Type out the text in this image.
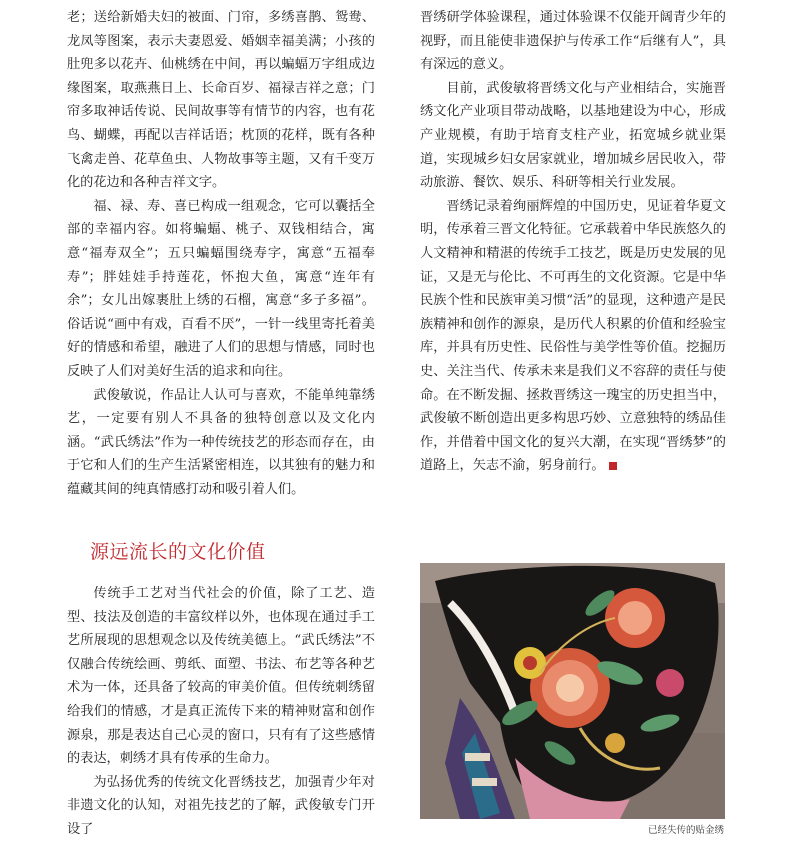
老；送给新婚夫妇的被面、门帘，多绣喜鹊、鸳鸯、龙凤等图案，表示夫妻恩爱、婚姻幸福美满；小孩的肚兜多以花卉、仙桃绣在中间，再以蝙蝠万字组成边缘图案，取燕燕日上、长命百岁、福禄吉祥之意；门帘多取神话传说、民间故事等有情节的内容，也有花鸟、蝴蝶，再配以吉祥话语；枕顶的花样，既有各种飞禽走兽、花草鱼虫、人物故事等主题，又有千变万化的花边和各种吉祥文字。

福、禄、寿、喜已构成一组观念，它可以囊括全部的幸福内容。如将蝙蝠、桃子、双钱相结合，寓意“福寿双全”；五只蝙蝠围绕寿字，寓意“五福奉寿”；胖娃娃手持莲花，怀抱大鱼，寓意“连年有余”；女儿出嫁裹肚上绣的石榴，寓意“多子多福”。俗话说“画中有戏，百看不厌”，一针一线里寄托着美好的情感和希望，融进了人们的思想与情感，同时也反映了人们对美好生活的追求和向往。

武俊敏说，作品让人认可与喜欢，不能单纯靠绣艺，一定要有别人不具备的独特创意以及文化内涵。“武氏绣法”作为一种传统技艺的形态而存在，由于它和人们的生产生活紧密相连，以其独有的魅力和蕴藏其间的纯真情感打动和吸引着人们。

源远流长的文化价值

传统手工艺对当代社会的价值，除了工艺、造型、技法及创造的丰富纹样以外，也体现在通过手工艺所展现的思想观念以及传统美德上。“武氏绣法”不仅融合传统绘画、剪纸、面塑、书法、布艺等各种艺术为一体，还具备了较高的审美价值。但传统刺绣留给我们的情感，才是真正流传下来的精神财富和创作源泉，那是表达自己心灵的窗口，只有有了这些感情的表达，刺绣才具有传承的生命力。

为弘扬优秀的传统文化晋绣技艺，加强青少年对非遗文化的认知，对祖先技艺的了解，武俊敏专门开设了

晋绣研学体验课程，通过体验课不仅能开阔青少年的视野，而且能使非遗保护与传承工作“后继有人”，具有深远的意义。

目前，武俊敏将晋绣文化与产业相结合，实施晋绣文化产业项目带动战略，以基地建设为中心，形成产业规模，有助于培育支柱产业，拓宽城乡就业渠道，实现城乡妇女居家就业，增加城乡居民收入，带动旅游、餐饮、娱乐、科研等相关行业发展。

晋绣记录着绚丽辉煌的中国历史，见证着华夏文明，传承着三晋文化特征。它承载着中华民族悠久的人文精神和精湛的传统手工技艺，既是历史发展的见证，又是无与伦比、不可再生的文化资源。它是中华民族个性和民族审美习惯“活”的显现，这种遗产是民族精神和创作的源泉，是历代人积累的价值和经验宝库，并具有历史性、民俗性与美学性等价值。挖掘历史、关注当代、传承未来是我们义不容辞的责任与使命。在不断发掘、拯救晋绣这一瑰宝的历史担当中，武俊敏不断创造出更多构思巧妙、立意独特的绣品佳作，并借着中国文化的复兴大潮，在实现“晋绣梦”的道路上，矢志不渝，躬身前行。

已经失传的贴金绣
